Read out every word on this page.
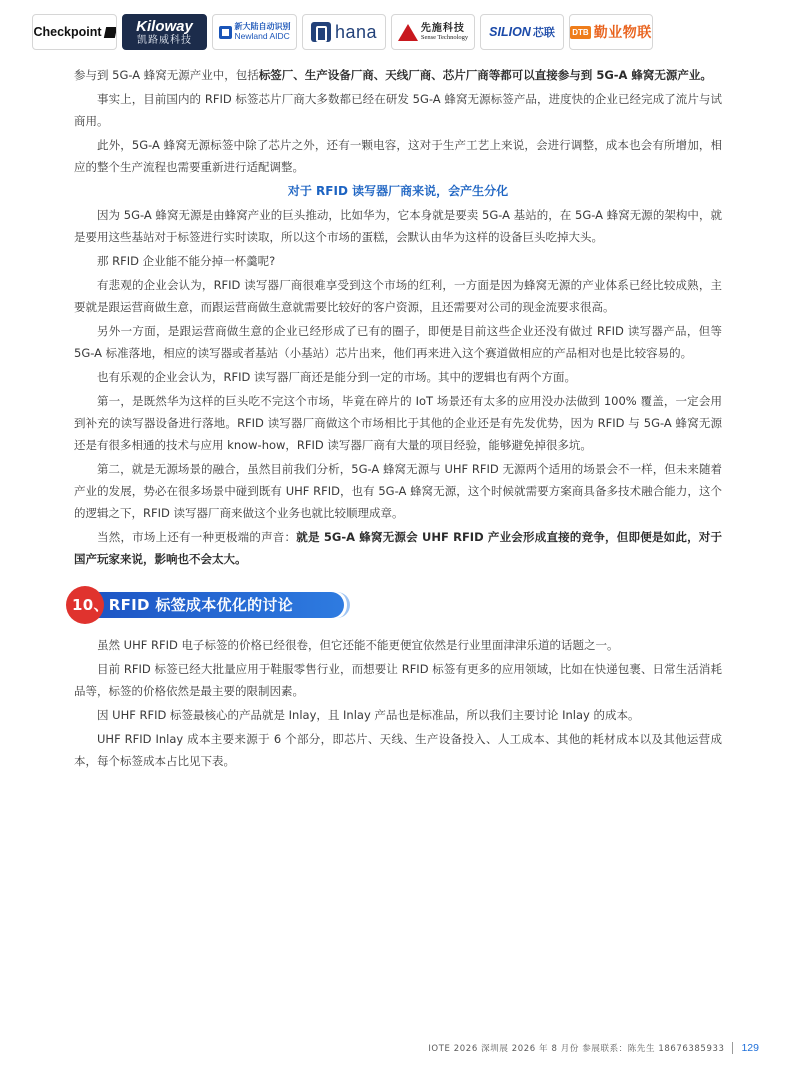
Checkpoint Kiloway
凯路威科技
新大陆自动识别
Newland AIDC	hana	先施科技
Sense Technology SILION 芯联 DTB 勤业物联

参与到 5G-A 蜂窝无源产业中，包括标签厂、生产设备厂商、天线厂商、芯片厂商等都可以直接参与到 5G-A 蜂窝无源产业。

事实上，目前国内的 RFID 标签芯片厂商大多数都已经在研发 5G-A 蜂窝无源标签产品，进度快的企业已经完成了流片与试商用。

此外，5G-A 蜂窝无源标签中除了芯片之外，还有一颗电容，这对于生产工艺上来说，会进行调整，成本也会有所增加，相应的整个生产流程也需要重新进行适配调整。

对于 RFID 读写器厂商来说，会产生分化

因为 5G-A 蜂窝无源是由蜂窝产业的巨头推动，比如华为，它本身就是要卖 5G-A 基站的，在 5G-A 蜂窝无源的架构中，就是要用这些基站对于标签进行实时读取，所以这个市场的蛋糕，会默认由华为这样的设备巨头吃掉大头。

那 RFID 企业能不能分掉一杯羹呢?

有悲观的企业会认为，RFID 读写器厂商很难享受到这个市场的红利，一方面是因为蜂窝无源的产业体系已经比较成熟，主要就是跟运营商做生意，而跟运营商做生意就需要比较好的客户资源，且还需要对公司的现金流要求很高。

另外一方面，是跟运营商做生意的企业已经形成了已有的圈子，即便是目前这些企业还没有做过 RFID 读写器产品，但等 5G-A 标准落地，相应的读写器或者基站（小基站）芯片出来，他们再来进入这个赛道做相应的产品相对也是比较容易的。

也有乐观的企业会认为，RFID 读写器厂商还是能分到一定的市场。其中的逻辑也有两个方面。

第一，是既然华为这样的巨头吃不完这个市场，毕竟在碎片的 IoT 场景还有太多的应用没办法做到 100% 覆盖，一定会用到补充的读写器设备进行落地。RFID 读写器厂商做这个市场相比于其他的企业还是有先发优势，因为 RFID 与 5G-A 蜂窝无源还是有很多相通的技术与应用 know-how，RFID 读写器厂商有大量的项目经验，能够避免掉很多坑。

第二，就是无源场景的融合，虽然目前我们分析，5G-A 蜂窝无源与 UHF RFID 无源两个适用的场景会不一样，但未来随着产业的发展，势必在很多场景中碰到既有 UHF RFID，也有 5G-A 蜂窝无源，这个时候就需要方案商具备多技术融合能力，这个的逻辑之下，RFID 读写器厂商来做这个业务也就比较顺理成章。

当然，市场上还有一种更极端的声音：就是 5G-A 蜂窝无源会 UHF RFID 产业会形成直接的竞争，但即便是如此，对于国产玩家来说，影响也不会太大。

10、RFID 标签成本优化的讨论

虽然 UHF RFID 电子标签的价格已经很卷，但它还能不能更便宜依然是行业里面津津乐道的话题之一。

目前 RFID 标签已经大批量应用于鞋服零售行业，而想要让 RFID 标签有更多的应用领域，比如在快递包裹、日常生活消耗品等，标签的价格依然是最主要的限制因素。

因 UHF RFID 标签最核心的产品就是 Inlay，且 Inlay 产品也是标准品，所以我们主要讨论 Inlay 的成本。

UHF RFID Inlay 成本主要来源于 6 个部分，即芯片、天线、生产设备投入、人工成本、其他的耗材成本以及其他运营成本，每个标签成本占比见下表。

IOTE 2026 深圳展 2026 年 8 月份 参展联系：陈先生 18676385933 129
